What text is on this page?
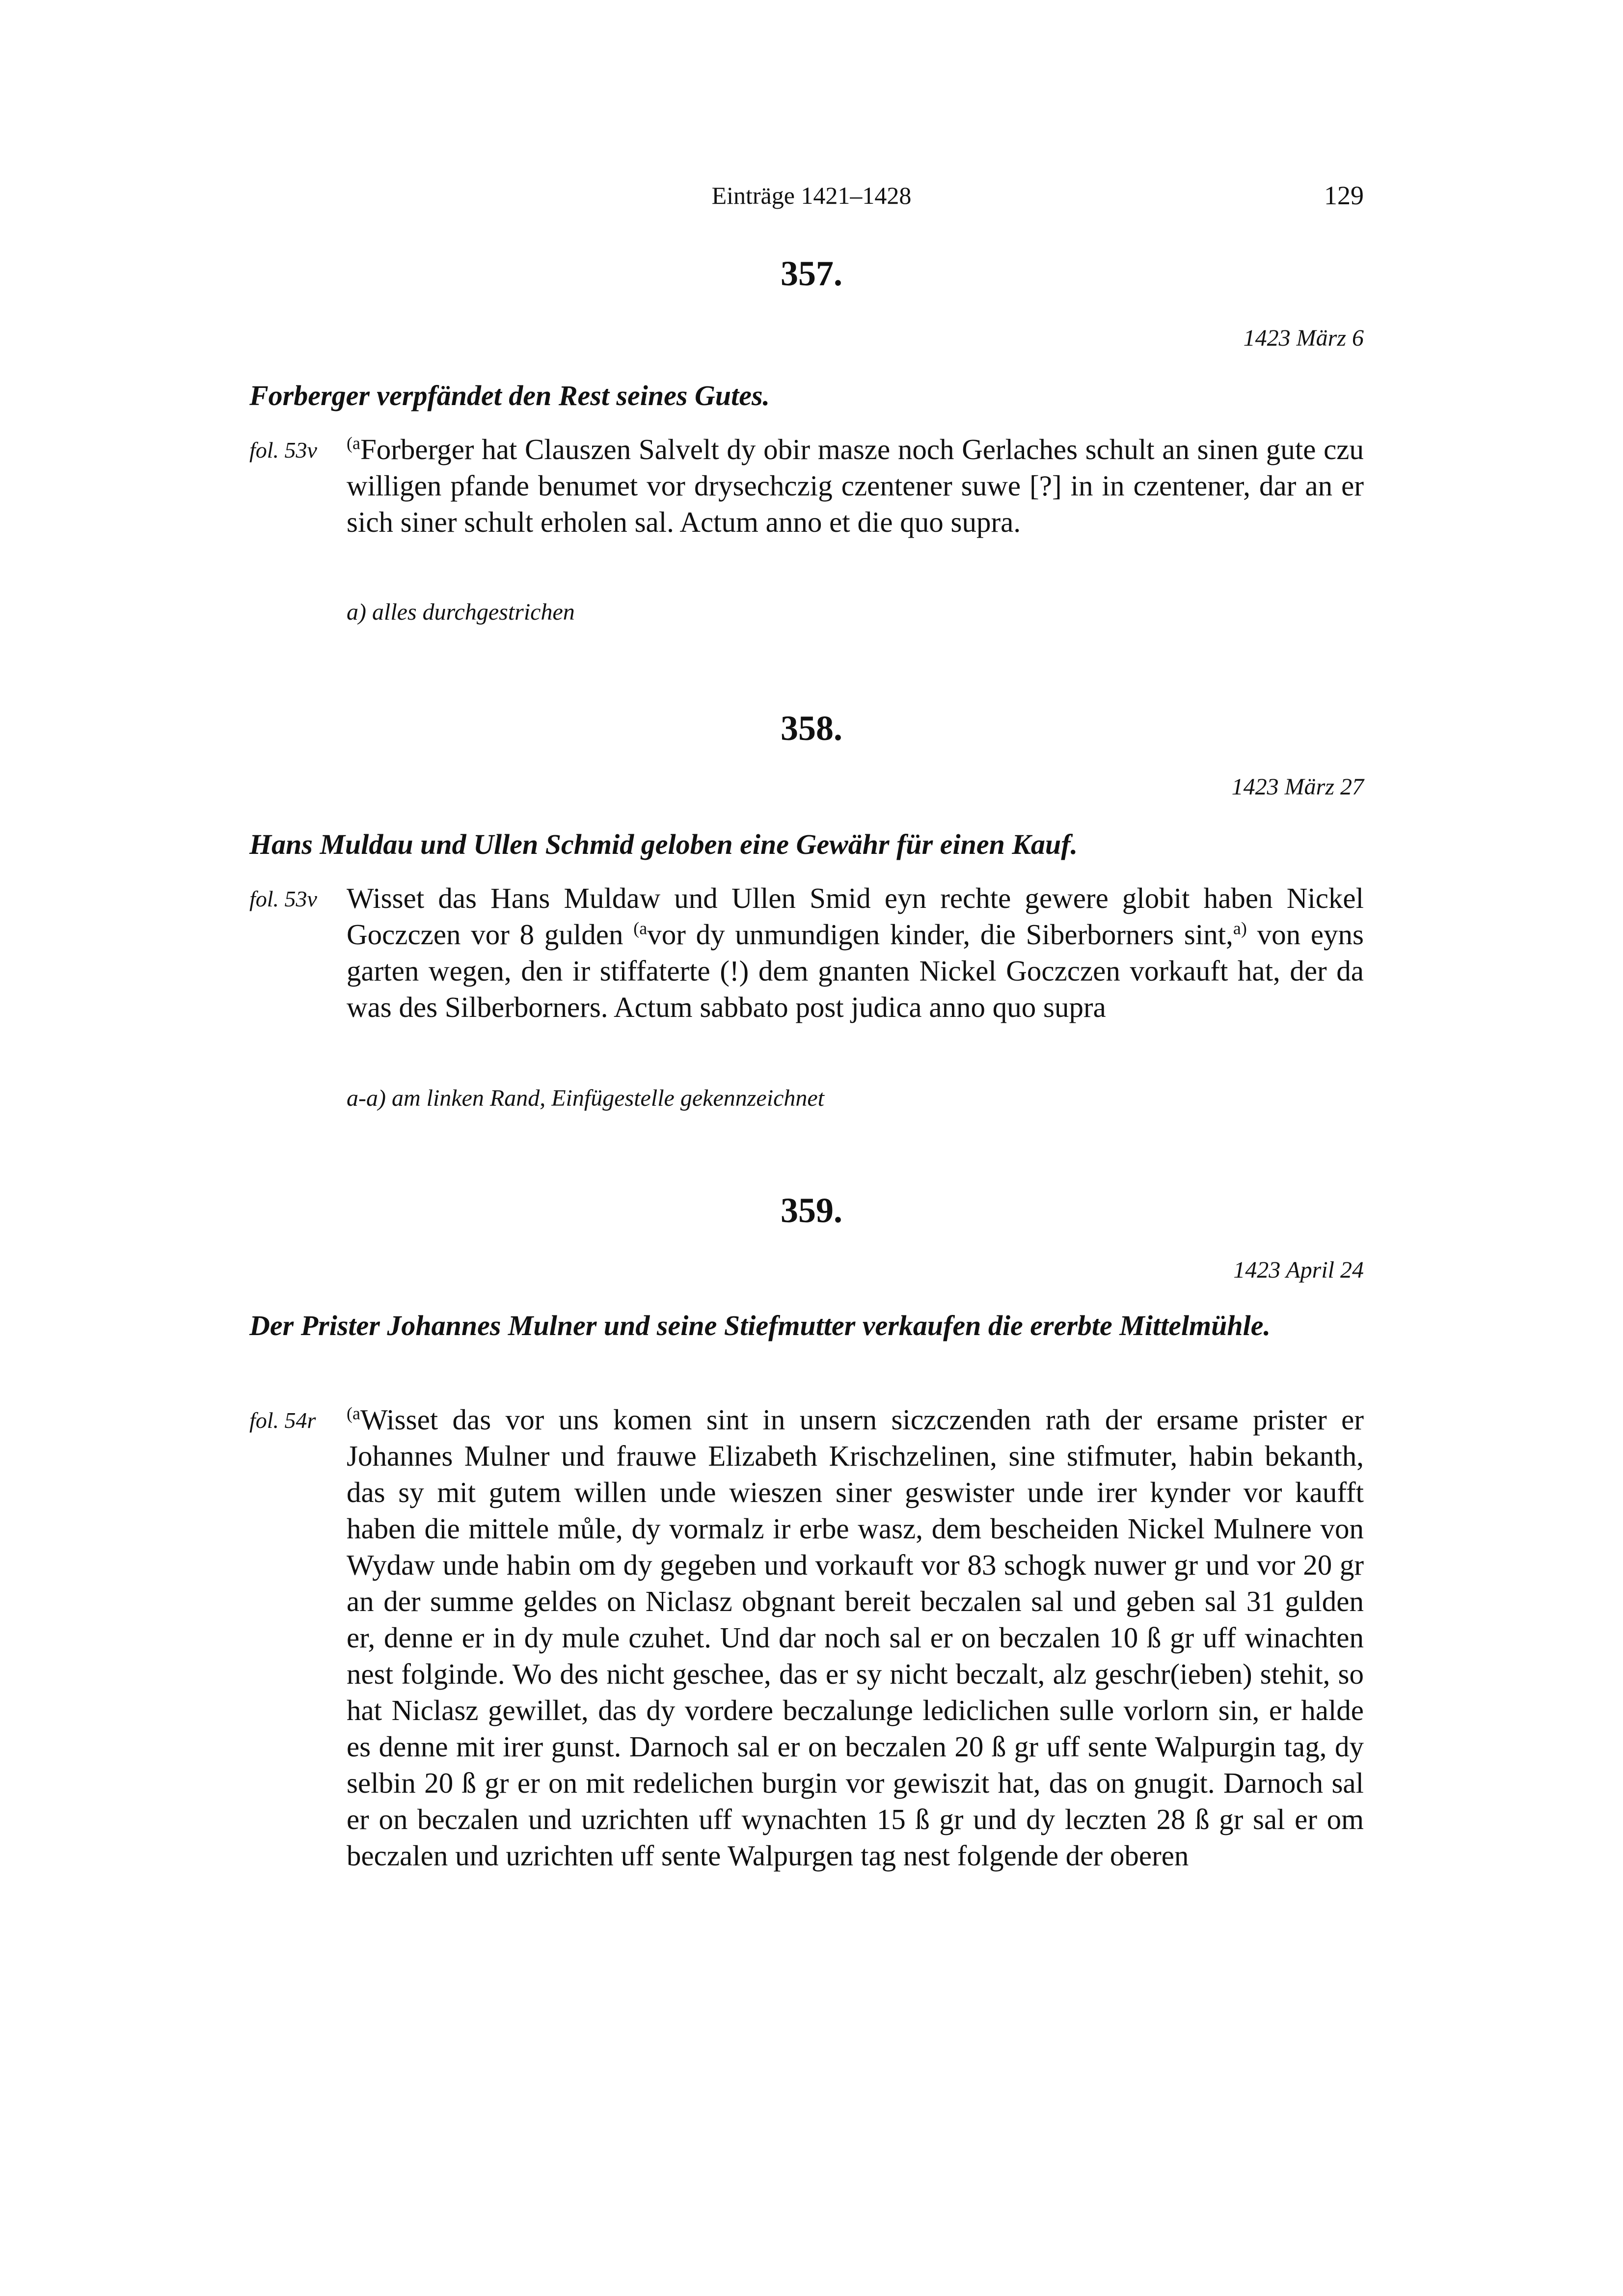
Einträge 1421–1428	129
357.
1423 März 6
Forberger verpfändet den Rest seines Gutes.
fol. 53v $^{(a}$Forberger hat Clauszen Salvelt dy obir masze noch Gerlaches schult an sinen gute czu willigen pfande benumet vor drysechczig czentener suwe [?] in in czentener, dar an er sich siner schult erholen sal. Actum anno et die quo supra.
a) alles durchgestrichen
358.
1423 März 27
Hans Muldau und Ullen Schmid geloben eine Gewähr für einen Kauf.
fol. 53v Wisset das Hans Muldaw und Ullen Smid eyn rechte gewere globit haben Nickel Goczczen vor 8 gulden $^{(a}$vor dy unmundigen kinder, die Siberborners sint,$^{a)}$ von eyns garten wegen, den ir stiffaterte (!) dem gnanten Nickel Goczczen vorkauft hat, der da was des Silberborners. Actum sabbato post judica anno quo supra
a-a) am linken Rand, Einfügestelle gekennzeichnet
359.
1423 April 24
Der Prister Johannes Mulner und seine Stiefmutter verkaufen die ererbte Mittelmühle.
fol. 54r $^{(a}$Wisset das vor uns komen sint in unsern siczczenden rath der ersame prister er Johannes Mulner und frauwe Elizabeth Krischzelinen, sine stifmuter, habin bekanth, das sy mit gutem willen unde wieszen siner geswister unde irer kynder vor kaufft haben die mittele můle, dy vormalz ir erbe wasz, dem bescheiden Nickel Mulnere von Wydaw unde habin om dy gegeben und vorkauft vor 83 schogk nuwer gr und vor 20 gr an der summe geldes on Niclasz obgnant bereit beczalen sal und geben sal 31 gulden er, denne er in dy mule czuhet. Und dar noch sal er on beczalen 10 ß gr uff winachten nest folginde. Wo des nicht geschee, das er sy nicht beczalt, alz geschr(ieben) stehit, so hat Niclasz gewillet, das dy vordere beczalunge lediclichen sulle vorlorn sin, er halde es denne mit irer gunst. Darnoch sal er on beczalen 20 ß gr uff sente Walpurgin tag, dy selbin 20 ß gr er on mit redelichen burgin vor gewiszit hat, das on gnugit. Darnoch sal er on beczalen und uzrichten uff wynachten 15 ß gr und dy leczten 28 ß gr sal er om beczalen und uzrichten uff sente Walpurgen tag nest folgende der oberen
